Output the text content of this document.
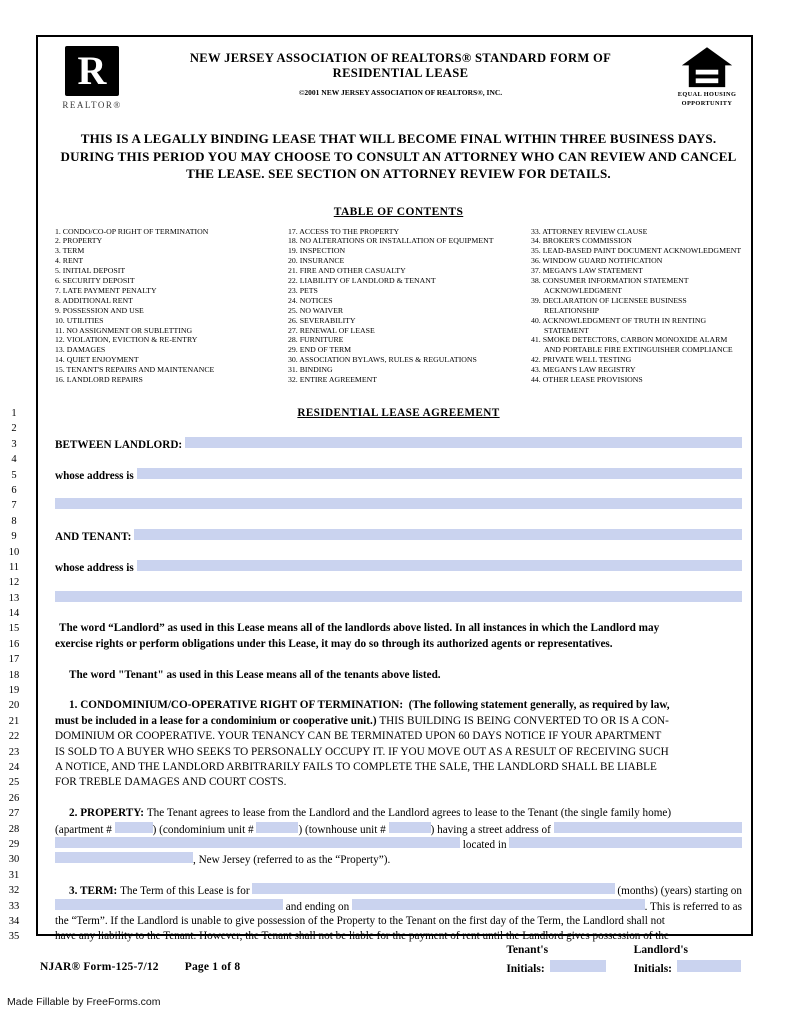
R
REALTOR®
NEW JERSEY ASSOCIATION OF REALTORS® STANDARD FORM OF
RESIDENTIAL LEASE
©2001 NEW JERSEY ASSOCIATION OF REALTORS®, INC.	EQUAL HOUSING
OPPORTUNITY
THIS IS A LEGALLY BINDING LEASE THAT WILL BECOME FINAL WITHIN THREE BUSINESS DAYS.
DURING THIS PERIOD YOU MAY CHOOSE TO CONSULT AN ATTORNEY WHO CAN REVIEW AND CANCEL
THE LEASE. SEE SECTION ON ATTORNEY REVIEW FOR DETAILS.
TABLE OF CONTENTS
1. CONDO/CO-OP RIGHT OF TERMINATION
2. PROPERTY
3. TERM
4. RENT
5. INITIAL DEPOSIT
6. SECURITY DEPOSIT
7. LATE PAYMENT PENALTY
8. ADDITIONAL RENT
9. POSSESSION AND USE
10. UTILITIES
11. NO ASSIGNMENT OR SUBLETTING
12. VIOLATION, EVICTION & RE-ENTRY
13. DAMAGES
14. QUIET ENJOYMENT
15. TENANT'S REPAIRS AND MAINTENANCE
16. LANDLORD REPAIRS
17. ACCESS TO THE PROPERTY
18. NO ALTERATIONS OR INSTALLATION OF EQUIPMENT
19. INSPECTION
20. INSURANCE
21. FIRE AND OTHER CASUALTY
22. LIABILITY OF LANDLORD & TENANT
23. PETS
24. NOTICES
25. NO WAIVER
26. SEVERABILITY
27. RENEWAL OF LEASE
28. FURNITURE
29. END OF TERM
30. ASSOCIATION BYLAWS, RULES & REGULATIONS
31. BINDING
32. ENTIRE AGREEMENT
33. ATTORNEY REVIEW CLAUSE
34. BROKER'S COMMISSION
35. LEAD-BASED PAINT DOCUMENT ACKNOWLEDGMENT
36. WINDOW GUARD NOTIFICATION
37. MEGAN'S LAW STATEMENT
38. CONSUMER INFORMATION STATEMENT ACKNOWLEDGMENT
39. DECLARATION OF LICENSEE BUSINESS RELATIONSHIP
40. ACKNOWLEDGMENT OF TRUTH IN RENTING STATEMENT
41. SMOKE DETECTORS, CARBON MONOXIDE ALARM AND PORTABLE FIRE EXTINGUISHER COMPLIANCE
42. PRIVATE WELL TESTING
43. MEGAN'S LAW REGISTRY
44. OTHER LEASE PROVISIONS
1	RESIDENTIAL LEASE AGREEMENT
2
3	BETWEEN LANDLORD:
4
5	whose address is
6
7
8
9	AND TENANT:
10
11	whose address is
12
13
14
15	The word “Landlord” as used in this Lease means all of the landlords above listed. In all instances in which the Landlord may
16	exercise rights or perform obligations under this Lease, it may do so through its authorized agents or representatives.
17
18	The word "Tenant" as used in this Lease means all of the tenants above listed.
19
20	1. CONDOMINIUM/CO-OPERATIVE RIGHT OF TERMINATION:  (The following statement generally, as required by law,
21	must be included in a lease for a condominium or cooperative unit.) THIS BUILDING IS BEING CONVERTED TO OR IS A CON-
22	DOMINIUM OR COOPERATIVE. YOUR TENANCY CAN BE TERMINATED UPON 60 DAYS NOTICE IF YOUR APARTMENT
23	IS SOLD TO A BUYER WHO SEEKS TO PERSONALLY OCCUPY IT. IF YOU MOVE OUT AS A RESULT OF RECEIVING SUCH
24	A NOTICE, AND THE LANDLORD ARBITRARILY FAILS TO COMPLETE THE SALE, THE LANDLORD SHALL BE LIABLE
25	FOR TREBLE DAMAGES AND COURT COSTS.
26
27	2. PROPERTY: The Tenant agrees to lease from the Landlord and the Landlord agrees to lease to the Tenant (the single family home)
28	(apartment #	) (condominium unit #	) (townhouse unit #	) having a street address of
29	located in
30	, New Jersey (referred to as the “Property”).
31
32	3. TERM: The Term of this Lease is for	(months) (years) starting on
33	and ending on	. This is referred to as
34	the “Term”. If the Landlord is unable to give possession of the Property to the Tenant on the first day of the Term, the Landlord shall not
35	have any liability to the Tenant. However, the Tenant shall not be liable for the payment of rent until the Landlord gives possession of the
NJAR® Form-125-7/12 Page 1 of 8
Tenant's
Initials:
Landlord's
Initials:
Made Fillable by FreeForms.com
